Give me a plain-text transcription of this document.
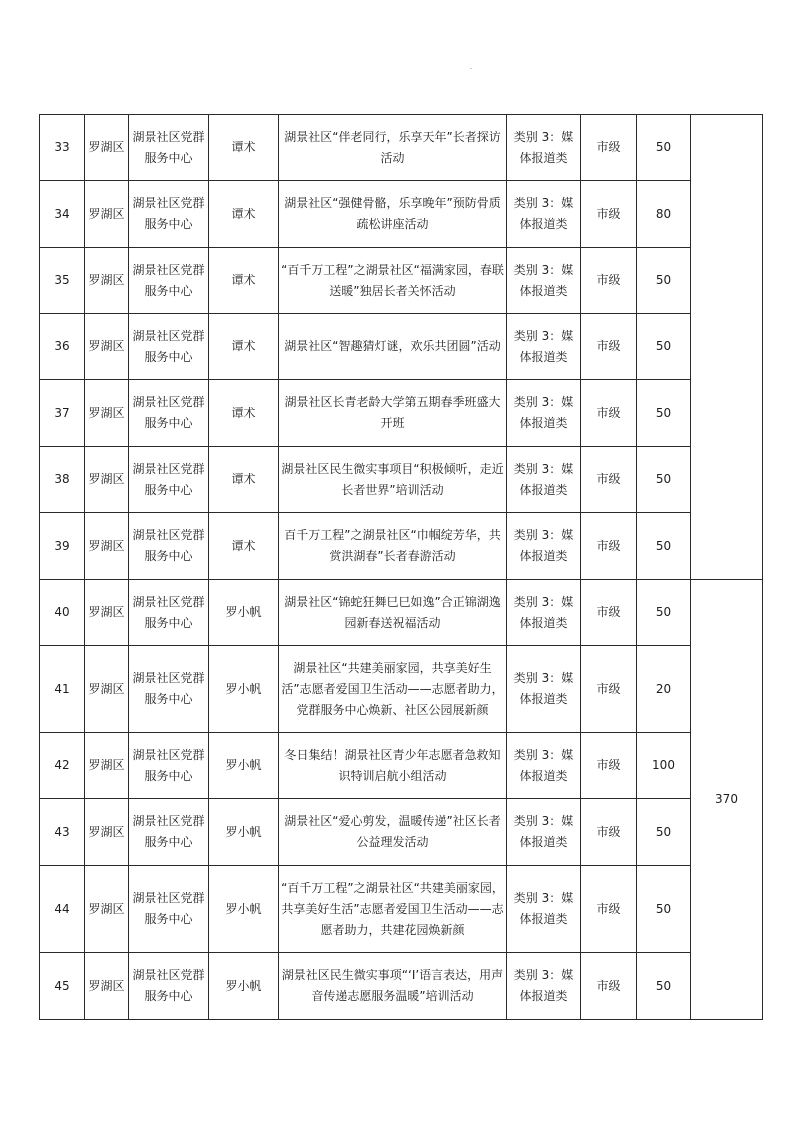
33	罗湖区	湖景社区党群服务中心	谭术	湖景社区“伴老同行，乐享天年”长者探访活动	类别 3：媒体报道类	市级	50	
34	罗湖区	湖景社区党群服务中心	谭术	湖景社区“强健骨骼，乐享晚年”预防骨质疏松讲座活动	类别 3：媒体报道类	市级	80	
35	罗湖区	湖景社区党群服务中心	谭术	“百千万工程”之湖景社区“福满家园，春联送暖”独居长者关怀活动	类别 3：媒体报道类	市级	50	
36	罗湖区	湖景社区党群服务中心	谭术	湖景社区“智趣猜灯谜，欢乐共团圆”活动	类别 3：媒体报道类	市级	50	
37	罗湖区	湖景社区党群服务中心	谭术	湖景社区长青老龄大学第五期春季班盛大开班	类别 3：媒体报道类	市级	50	
38	罗湖区	湖景社区党群服务中心	谭术	湖景社区民生微实事项目“积极倾听，走近长者世界”培训活动	类别 3：媒体报道类	市级	50	
39	罗湖区	湖景社区党群服务中心	谭术	百千万工程”之湖景社区“巾帼绽芳华，共赏洪湖春”长者春游活动	类别 3：媒体报道类	市级	50	
40	罗湖区	湖景社区党群服务中心	罗小帆	湖景社区“锦蛇狂舞巳巳如逸”合正锦湖逸园新春送祝福活动	类别 3：媒体报道类	市级	50	370
41	罗湖区	湖景社区党群服务中心	罗小帆	湖景社区“共建美丽家园，共享美好生活”志愿者爱国卫生活动——志愿者助力，党群服务中心焕新、社区公园展新颜	类别 3：媒体报道类	市级	20	
42	罗湖区	湖景社区党群服务中心	罗小帆	冬日集结！湖景社区青少年志愿者急救知识特训启航小组活动	类别 3：媒体报道类	市级	100	
43	罗湖区	湖景社区党群服务中心	罗小帆	湖景社区“爱心剪发，温暖传递”社区长者公益理发活动	类别 3：媒体报道类	市级	50	
44	罗湖区	湖景社区党群服务中心	罗小帆	“百千万工程”之湖景社区“共建美丽家园，共享美好生活”志愿者爱国卫生活动——志愿者助力，共建花园焕新颜	类别 3：媒体报道类	市级	50	
45	罗湖区	湖景社区党群服务中心	罗小帆	湖景社区民生微实事项“‘I’语言表达，用声音传递志愿服务温暖”培训活动	类别 3：媒体报道类	市级	50	
